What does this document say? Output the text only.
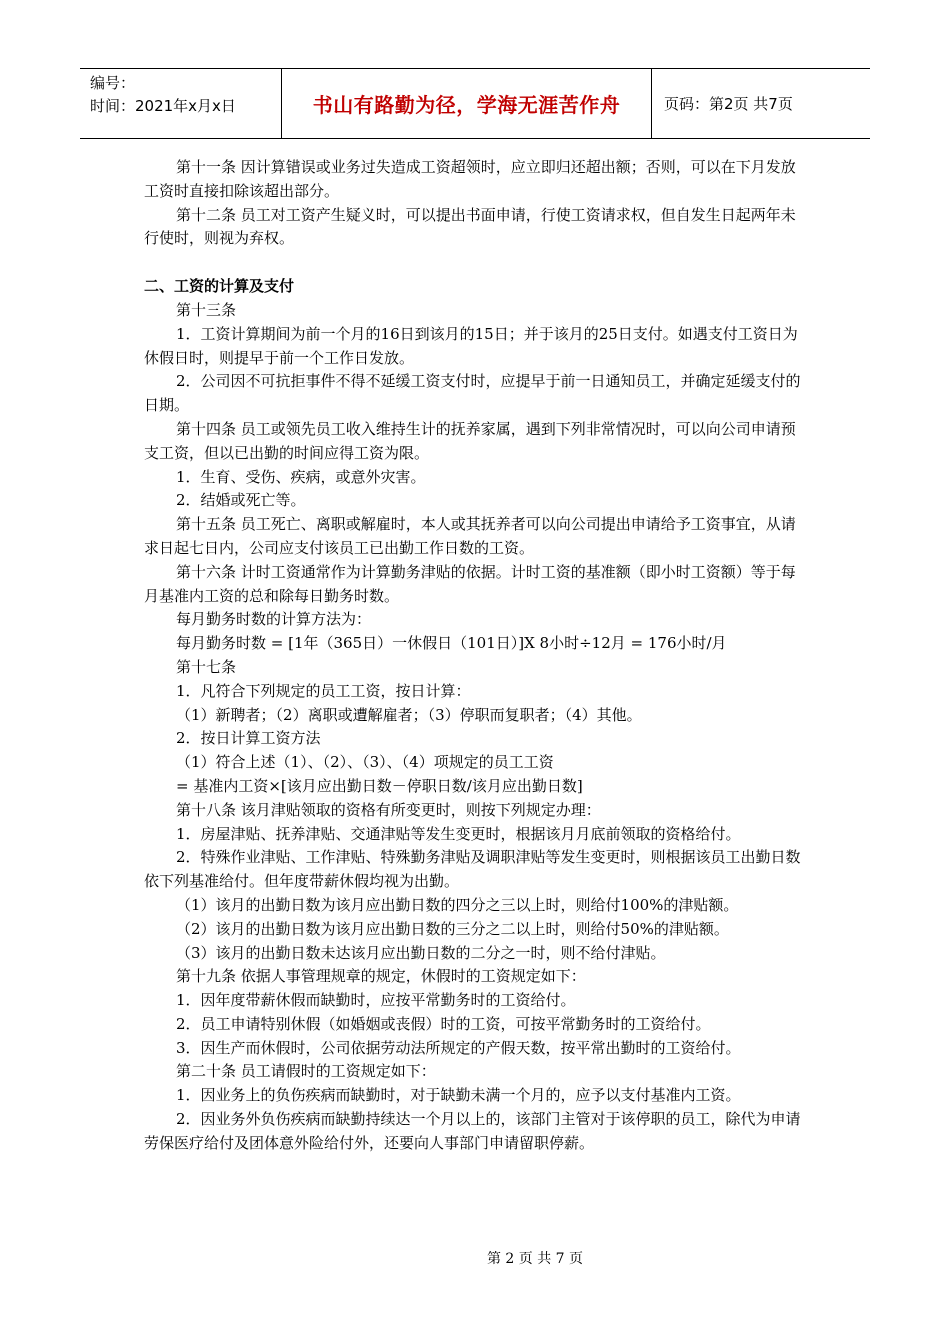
编号：
时间：2021年x月x日	书山有路勤为径，学海无涯苦作舟	页码：第2页 共7页

第十一条 因计算错误或业务过失造成工资超领时，应立即归还超出额；否则，可以在下月发放工资时直接扣除该超出部分。

第十二条 员工对工资产生疑义时，可以提出书面申请，行使工资请求权，但自发生日起两年未行使时，则视为弃权。

二、工资的计算及支付

第十三条

1．工资计算期间为前一个月的16日到该月的15日；并于该月的25日支付。如遇支付工资日为休假日时，则提早于前一个工作日发放。

2．公司因不可抗拒事件不得不延缓工资支付时，应提早于前一日通知员工，并确定延缓支付的日期。

第十四条 员工或领先员工收入维持生计的抚养家属，遇到下列非常情况时，可以向公司申请预支工资，但以已出勤的时间应得工资为限。

1．生育、受伤、疾病，或意外灾害。

2．结婚或死亡等。

第十五条 员工死亡、离职或解雇时，本人或其抚养者可以向公司提出申请给予工资事宜，从请求日起七日内，公司应支付该员工已出勤工作日数的工资。

第十六条 计时工资通常作为计算勤务津贴的依据。计时工资的基准额（即小时工资额）等于每月基准内工资的总和除每日勤务时数。

每月勤务时数的计算方法为：

每月勤务时数 = [1年（365日）一休假日（101日）]X 8小时÷12月 = 176小时/月

第十七条

1．凡符合下列规定的员工工资，按日计算：

（1）新聘者；（2）离职或遭解雇者；（3）停职而复职者；（4）其他。

2．按日计算工资方法

（1）符合上述（1）、（2）、（3）、（4）项规定的员工工资

= 基准内工资×[该月应出勤日数－停职日数/该月应出勤日数]

第十八条 该月津贴领取的资格有所变更时，则按下列规定办理：

1．房屋津贴、抚养津贴、交通津贴等发生变更时，根据该月月底前领取的资格给付。

2．特殊作业津贴、工作津贴、特殊勤务津贴及调职津贴等发生变更时，则根据该员工出勤日数依下列基准给付。但年度带薪休假均视为出勤。

（1）该月的出勤日数为该月应出勤日数的四分之三以上时，则给付100%的津贴额。

（2）该月的出勤日数为该月应出勤日数的三分之二以上时，则给付50%的津贴额。

（3）该月的出勤日数未达该月应出勤日数的二分之一时，则不给付津贴。

第十九条 依据人事管理规章的规定，休假时的工资规定如下：

1．因年度带薪休假而缺勤时，应按平常勤务时的工资给付。

2．员工申请特别休假（如婚姻或丧假）时的工资，可按平常勤务时的工资给付。

3．因生产而休假时，公司依据劳动法所规定的产假天数，按平常出勤时的工资给付。

第二十条 员工请假时的工资规定如下：

1．因业务上的负伤疾病而缺勤时，对于缺勤未满一个月的，应予以支付基准内工资。

2．因业务外负伤疾病而缺勤持续达一个月以上的，该部门主管对于该停职的员工，除代为申请劳保医疗给付及团体意外险给付外，还要向人事部门申请留职停薪。

第 2 页 共 7 页
